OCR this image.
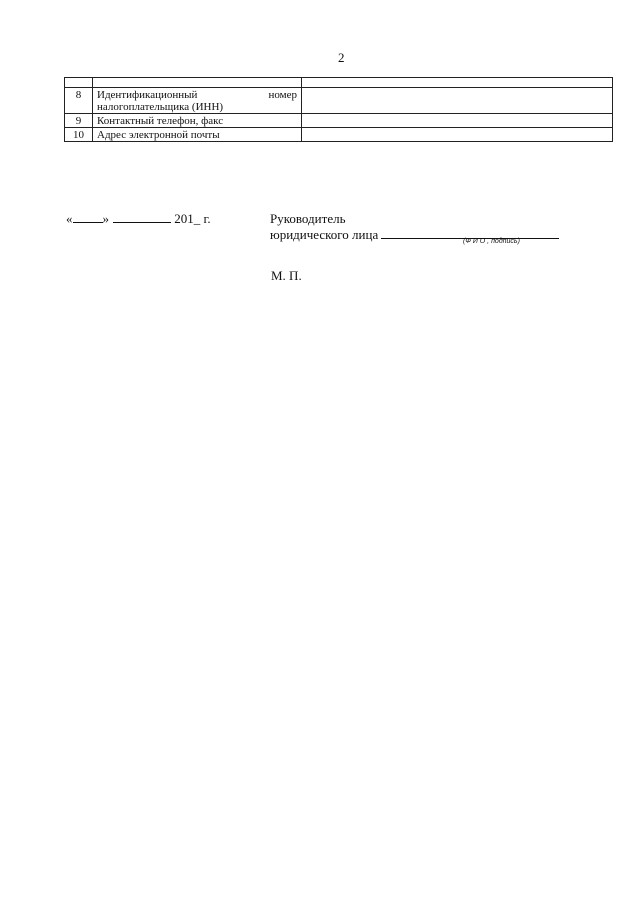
2

8	Идентификационный номер
налогоплательщика (ИНН)	

9	Контактный телефон, факс	
10	Адрес электронной почты	
« »	201_ г.	Руководитель
юридического лица	(Ф И О , подпись)
М. П.
